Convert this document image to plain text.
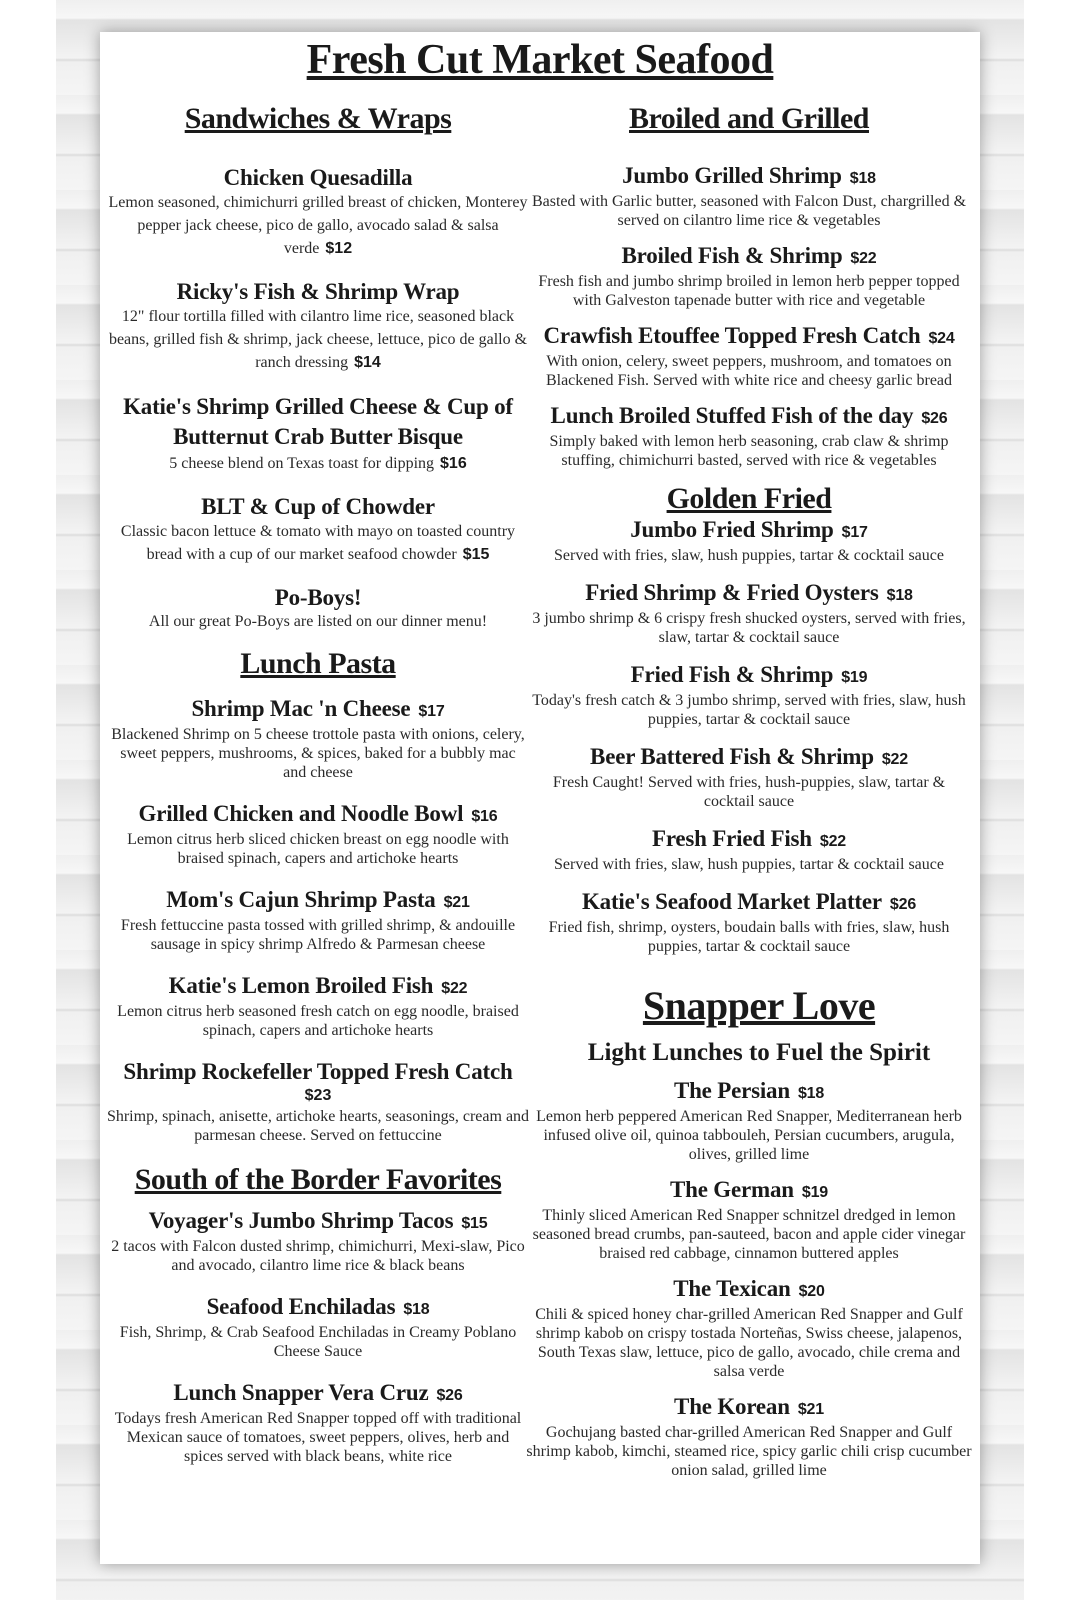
Fresh Cut Market Seafood
Sandwiches & Wraps
Chicken Quesadilla
Lemon seasoned, chimichurri grilled breast of chicken, Monterey pepper jack cheese, pico de gallo, avocado salad & salsa verde $12
Ricky's Fish & Shrimp Wrap
12" flour tortilla filled with cilantro lime rice, seasoned black beans, grilled fish & shrimp, jack cheese, lettuce, pico de gallo & ranch dressing $14
Katie's Shrimp Grilled Cheese & Cup of Butternut Crab Butter Bisque
5 cheese blend on Texas toast for dipping $16
BLT & Cup of Chowder
Classic bacon lettuce & tomato with mayo on toasted country bread with a cup of our market seafood chowder $15
Po-Boys!
All our great Po-Boys are listed on our dinner menu!
Lunch Pasta
Shrimp Mac 'n Cheese $17
Blackened Shrimp on 5 cheese trottole pasta with onions, celery, sweet peppers, mushrooms, & spices, baked for a bubbly mac and cheese
Grilled Chicken and Noodle Bowl $16
Lemon citrus herb sliced chicken breast on egg noodle with braised spinach, capers and artichoke hearts
Mom's Cajun Shrimp Pasta $21
Fresh fettuccine pasta tossed with grilled shrimp, & andouille sausage in spicy shrimp Alfredo & Parmesan cheese
Katie's Lemon Broiled Fish $22
Lemon citrus herb seasoned fresh catch on egg noodle, braised spinach, capers and artichoke hearts
Shrimp Rockefeller Topped Fresh Catch
$23
Shrimp, spinach, anisette, artichoke hearts, seasonings, cream and parmesan cheese. Served on fettuccine
South of the Border Favorites
Voyager's Jumbo Shrimp Tacos $15
2 tacos with Falcon dusted shrimp, chimichurri, Mexi-slaw, Pico and avocado, cilantro lime rice & black beans
Seafood Enchiladas $18
Fish, Shrimp, & Crab Seafood Enchiladas in Creamy Poblano Cheese Sauce
Lunch Snapper Vera Cruz $26
Todays fresh American Red Snapper topped off with traditional Mexican sauce of tomatoes, sweet peppers, olives, herb and spices served with black beans, white rice
Broiled and Grilled
Jumbo Grilled Shrimp $18
Basted with Garlic butter, seasoned with Falcon Dust, chargrilled & served on cilantro lime rice & vegetables
Broiled Fish & Shrimp $22
Fresh fish and jumbo shrimp broiled in lemon herb pepper topped with Galveston tapenade butter with rice and vegetable
Crawfish Etouffee Topped Fresh Catch $24
With onion, celery, sweet peppers, mushroom, and tomatoes on Blackened Fish. Served with white rice and cheesy garlic bread
Lunch Broiled Stuffed Fish of the day $26
Simply baked with lemon herb seasoning, crab claw & shrimp stuffing, chimichurri basted, served with rice & vegetables
Golden Fried
Jumbo Fried Shrimp $17
Served with fries, slaw, hush puppies, tartar & cocktail sauce
Fried Shrimp & Fried Oysters $18
3 jumbo shrimp & 6 crispy fresh shucked oysters, served with fries, slaw, tartar & cocktail sauce
Fried Fish & Shrimp $19
Today's fresh catch & 3 jumbo shrimp, served with fries, slaw, hush puppies, tartar & cocktail sauce
Beer Battered Fish & Shrimp $22
Fresh Caught! Served with fries, hush-puppies, slaw, tartar & cocktail sauce
Fresh Fried Fish $22
Served with fries, slaw, hush puppies, tartar & cocktail sauce
Katie's Seafood Market Platter $26
Fried fish, shrimp, oysters, boudain balls with fries, slaw, hush puppies, tartar & cocktail sauce
Snapper Love
Light Lunches to Fuel the Spirit
The Persian $18
Lemon herb peppered American Red Snapper, Mediterranean herb infused olive oil, quinoa tabbouleh, Persian cucumbers, arugula, olives, grilled lime
The German $19
Thinly sliced American Red Snapper schnitzel dredged in lemon seasoned bread crumbs, pan-sauteed, bacon and apple cider vinegar braised red cabbage, cinnamon buttered apples
The Texican $20
Chili & spiced honey char-grilled American Red Snapper and Gulf shrimp kabob on crispy tostada Norteñas, Swiss cheese, jalapenos, South Texas slaw, lettuce, pico de gallo, avocado, chile crema and salsa verde
The Korean $21
Gochujang basted char-grilled American Red Snapper and Gulf shrimp kabob, kimchi, steamed rice, spicy garlic chili crisp cucumber onion salad, grilled lime
